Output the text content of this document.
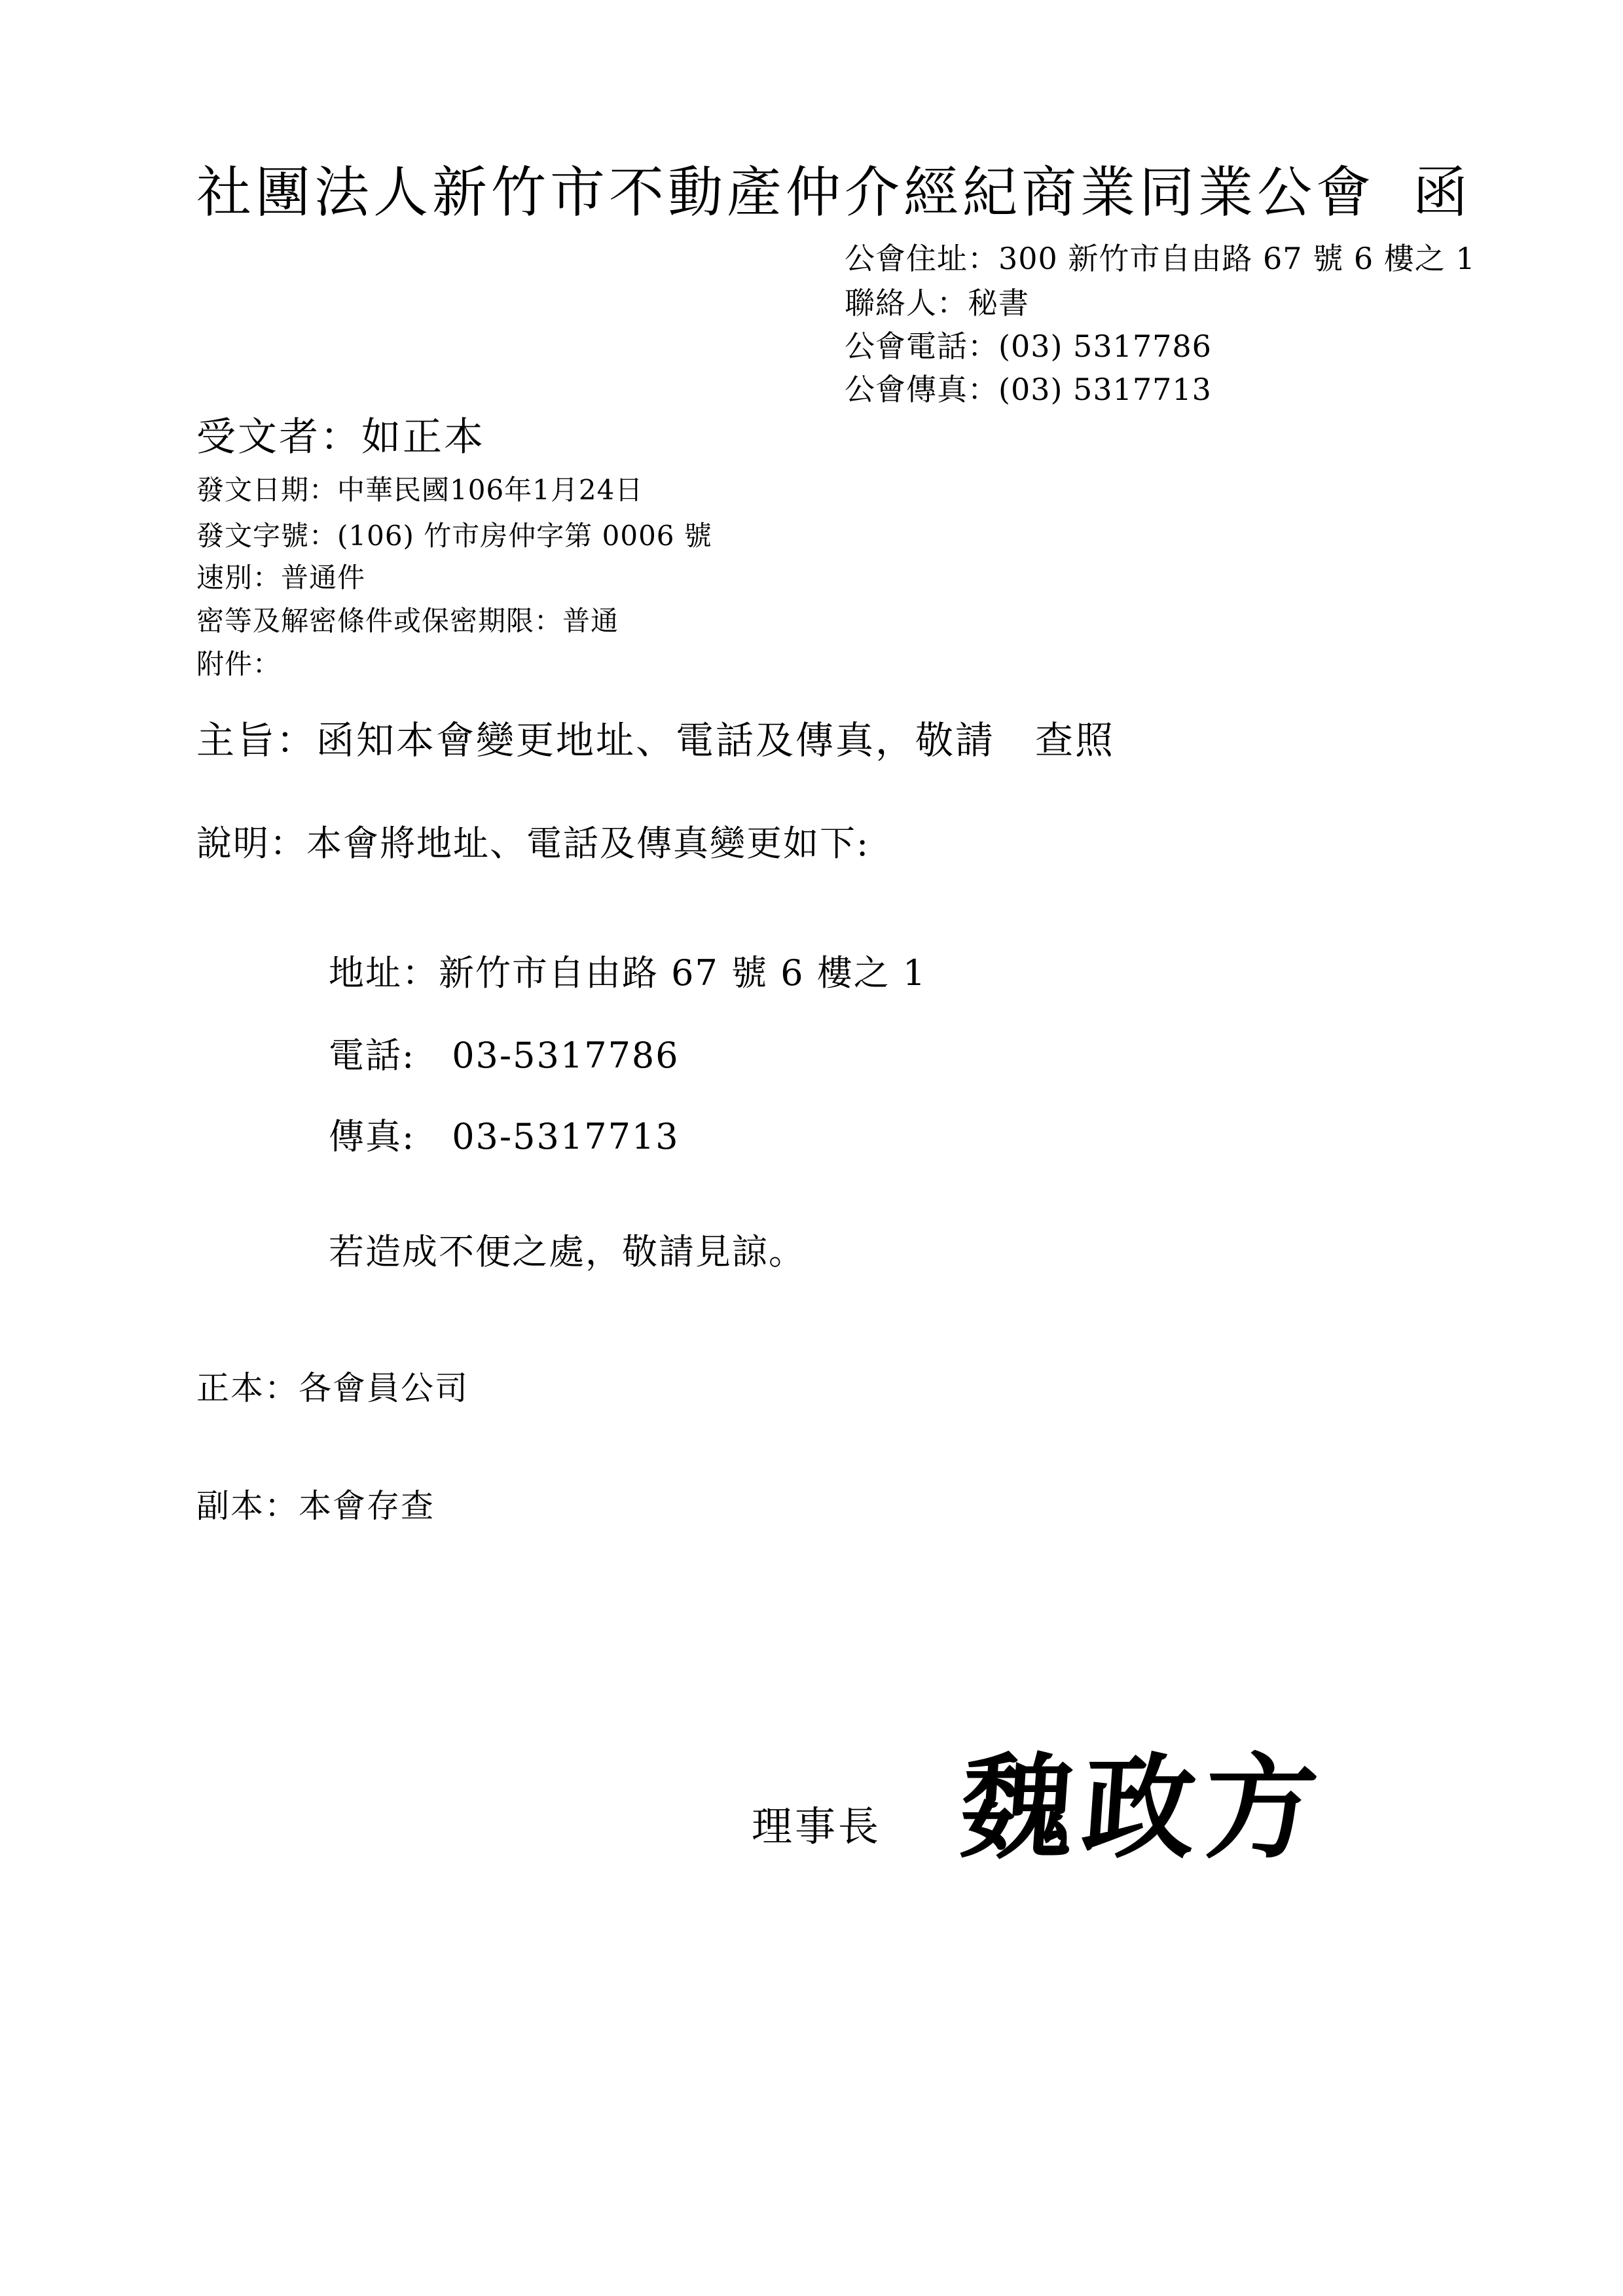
社團法人新竹市不動產仲介經紀商業同業公會 函
公會住址：300 新竹市自由路 67 號 6 樓之 1
聯絡人：秘書
公會電話：(03) 5317786
公會傳真：(03) 5317713
受文者：如正本
發文日期：中華民國106年1月24日
發文字號：(106) 竹市房仲字第 0006 號
速別：普通件
密等及解密條件或保密期限：普通
附件：
主旨：函知本會變更地址、電話及傳真，敬請　查照
說明：本會將地址、電話及傳真變更如下:
地址：新竹市自由路 67 號 6 樓之 1
電話:　03-5317786
傳真:　03-5317713
若造成不便之處，敬請見諒。
正本：各會員公司
副本：本會存查
理事長 魏政方
